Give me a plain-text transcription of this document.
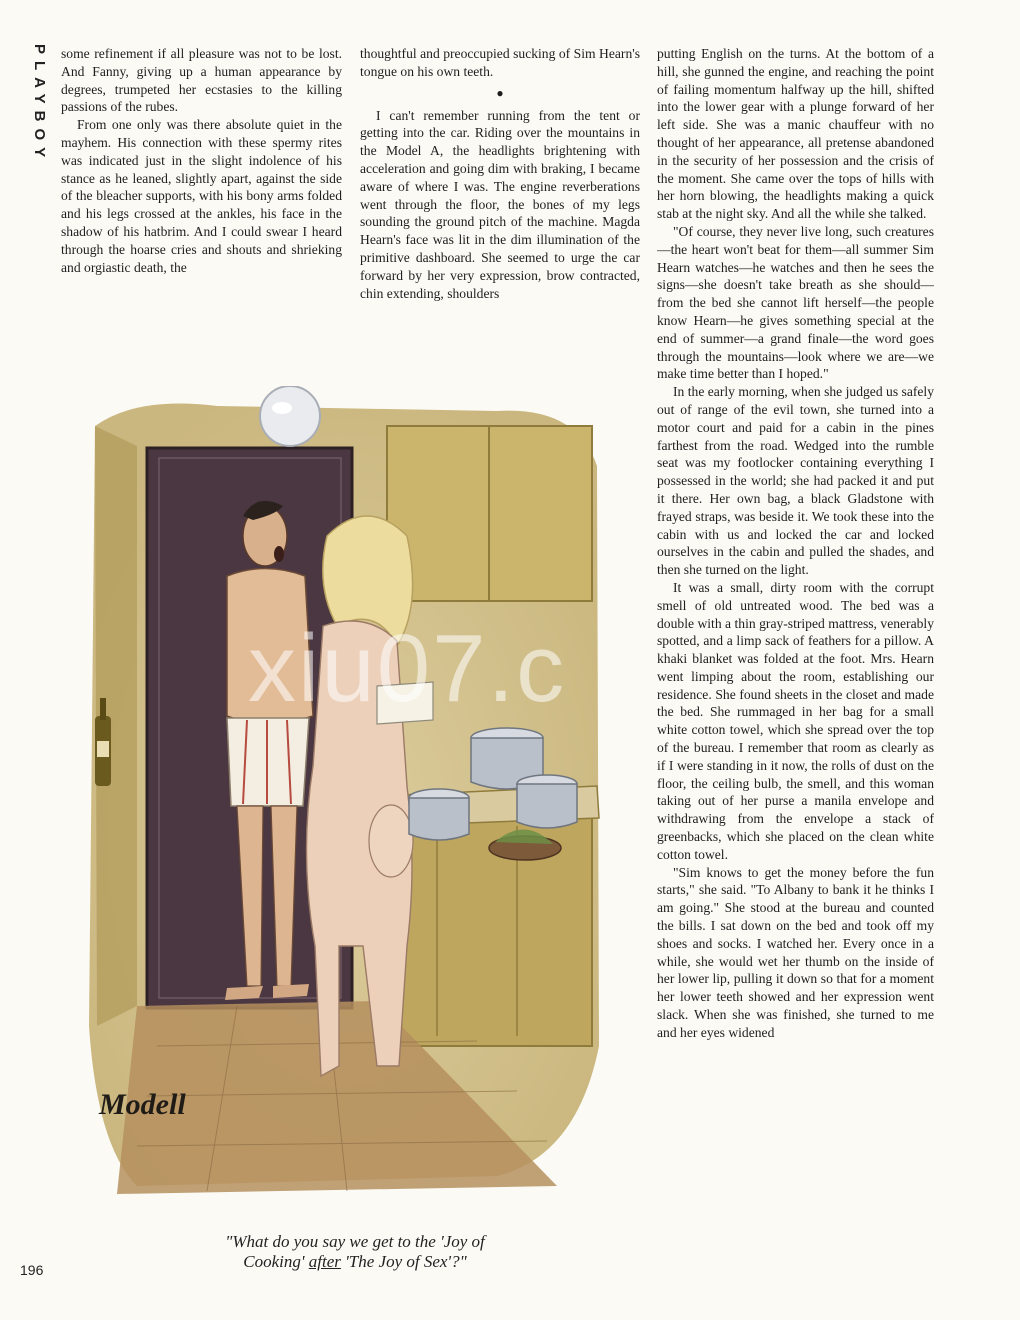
PLAYBOY some refinement if all pleasure was not to be lost. And Fanny, giving up a human appearance by degrees, trumpeted her ecstasies to the killing passions of the rubes.

From one only was there absolute quiet in the mayhem. His connection with these spermy rites was indicated just in the slight indolence of his stance as he leaned, slightly apart, against the side of the bleacher supports, with his bony arms folded and his legs crossed at the ankles, his face in the shadow of his hatbrim. And I could swear I heard through the hoarse cries and shouts and shrieking and orgiastic death, the

thoughtful and preoccupied sucking of Sim Hearn's tongue on his own teeth.

●

I can't remember running from the tent or getting into the car. Riding over the mountains in the Model A, the headlights brightening with acceleration and going dim with braking, I became aware of where I was. The engine reverberations went through the floor, the bones of my legs sounding the ground pitch of the machine. Magda Hearn's face was lit in the dim illumination of the primitive dashboard. She seemed to urge the car forward by her very expression, brow contracted, chin extending, shoulders

putting English on the turns. At the bottom of a hill, she gunned the engine, and reaching the point of failing momentum halfway up the hill, shifted into the lower gear with a plunge forward of her left side. She was a manic chauffeur with no thought of her appearance, all pretense abandoned in the security of her possession and the crisis of the moment. She came over the tops of hills with her horn blowing, the headlights making a quick stab at the night sky. And all the while she talked.

"Of course, they never live long, such creatures—the heart won't beat for them—all summer Sim Hearn watches—he watches and then he sees the signs—she doesn't take breath as she should—from the bed she cannot lift herself—the people know Hearn—he gives something special at the end of summer—a grand finale—the word goes through the mountains—look where we are—we make time better than I hoped."

In the early morning, when she judged us safely out of range of the evil town, she turned into a motor court and paid for a cabin in the pines farthest from the road. Wedged into the rumble seat was my footlocker containing everything I possessed in the world; she had packed it and put it there. Her own bag, a black Gladstone with frayed straps, was beside it. We took these into the cabin with us and locked the car and locked ourselves in the cabin and pulled the shades, and then she turned on the light.

It was a small, dirty room with the corrupt smell of old untreated wood. The bed was a double with a thin gray-striped mattress, venerably spotted, and a limp sack of feathers for a pillow. A khaki blanket was folded at the foot. Mrs. Hearn went limping about the room, establishing our residence. She found sheets in the closet and made the bed. She rummaged in her bag for a small white cotton towel, which she spread over the top of the bureau. I remember that room as clearly as if I were standing in it now, the rolls of dust on the floor, the ceiling bulb, the smell, and this woman taking out of her purse a manila envelope and withdrawing from the envelope a stack of greenbacks, which she placed on the clean white cotton towel.

"Sim knows to get the money before the fun starts," she said. "To Albany to bank it he thinks I am going." She stood at the bureau and counted the bills. I sat down on the bed and took off my shoes and socks. I watched her. Every once in a while, she would wet her thumb on the inside of her lower lip, pulling it down so that for a moment her lower teeth showed and her expression went slack. When she was finished, she turned to me and her eyes widened

Modell
xiu07.c
"What do you say we get to the 'Joy of
Cooking' after 'The Joy of Sex'?"
196
